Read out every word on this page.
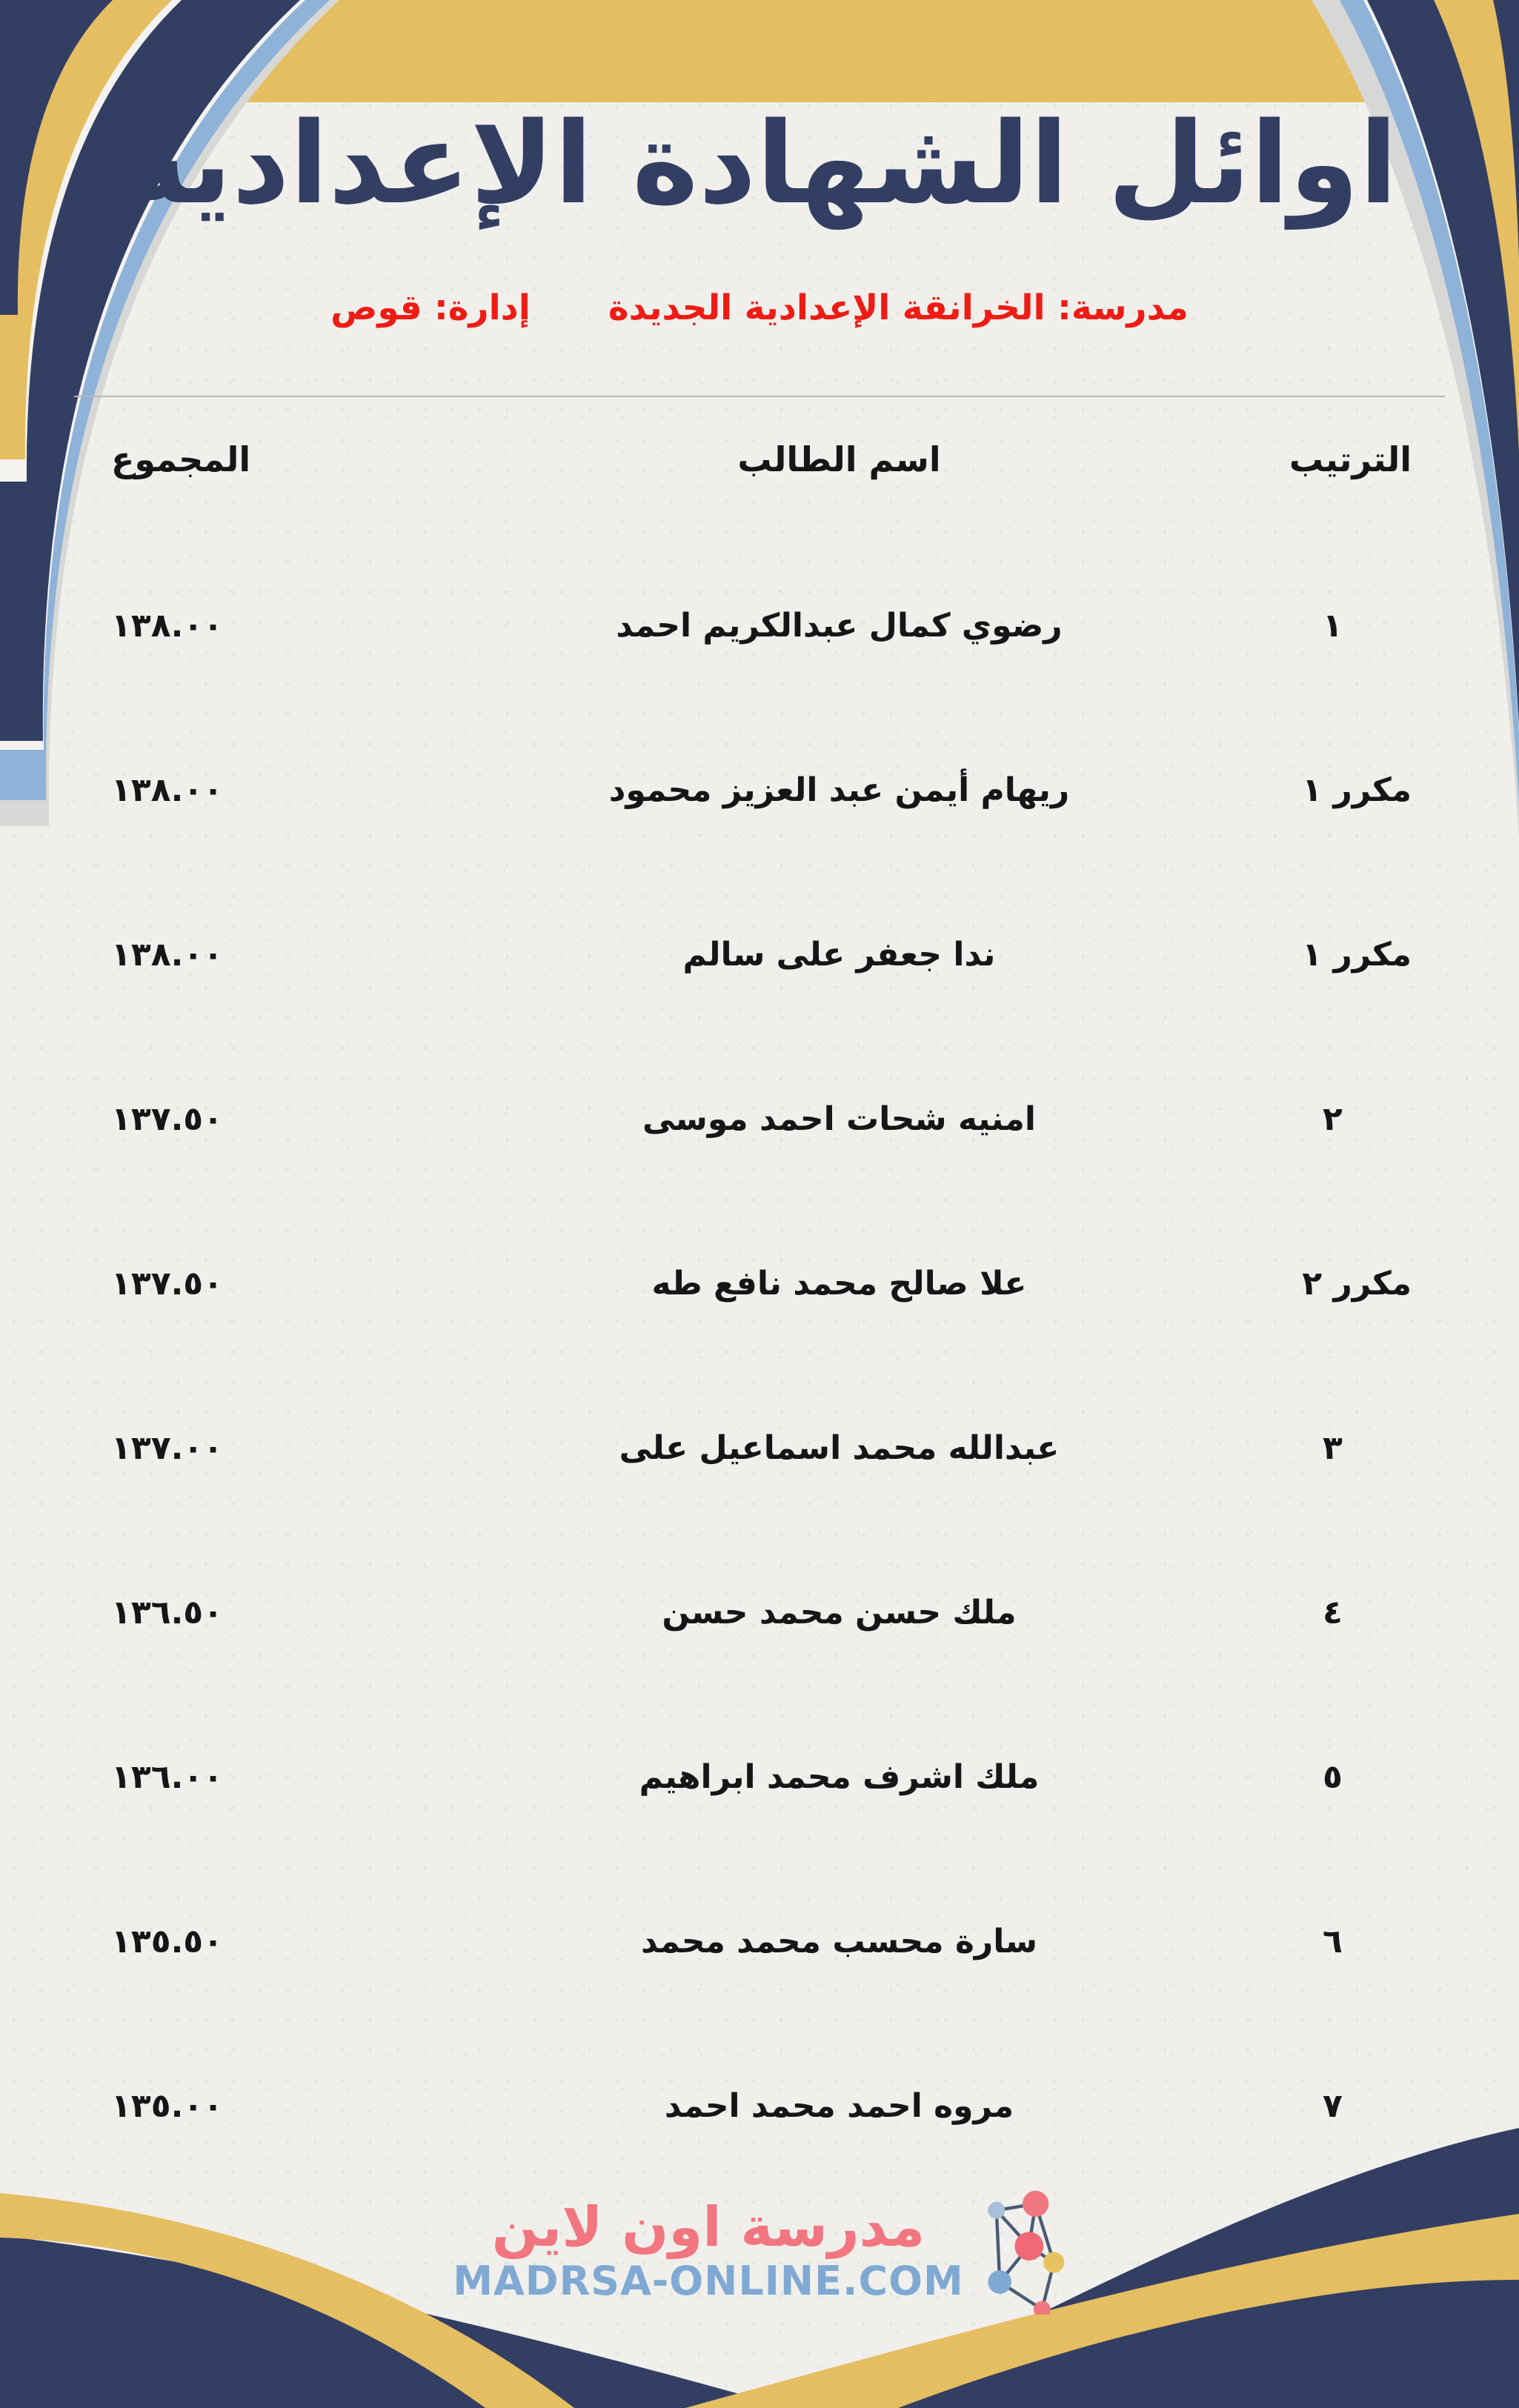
اوائل الشهادة الإعدادية
مدرسة: الخرانقة الإعدادية الجديدة
إدارة: قوص
الترتيب
اسم الطالب
المجموع
١
رضوي كمال عبدالكريم احمد
١٣٨.٠٠
مكرر ١
ريهام أيمن عبد العزيز محمود
١٣٨.٠٠
مكرر ١
ندا جعفر على سالم
١٣٨.٠٠
٢
امنيه شحات احمد موسى
١٣٧.٥٠
مكرر ٢
علا صالح محمد نافع طه
١٣٧.٥٠
٣
عبدالله محمد اسماعيل على
١٣٧.٠٠
٤
ملك حسن محمد حسن
١٣٦.٥٠
٥
ملك اشرف محمد ابراهيم
١٣٦.٠٠
٦
سارة محسب محمد محمد
١٣٥.٥٠
٧
مروه احمد محمد احمد
١٣٥.٠٠
مدرسة اون لاين
MADRSA-ONLINE.COM
